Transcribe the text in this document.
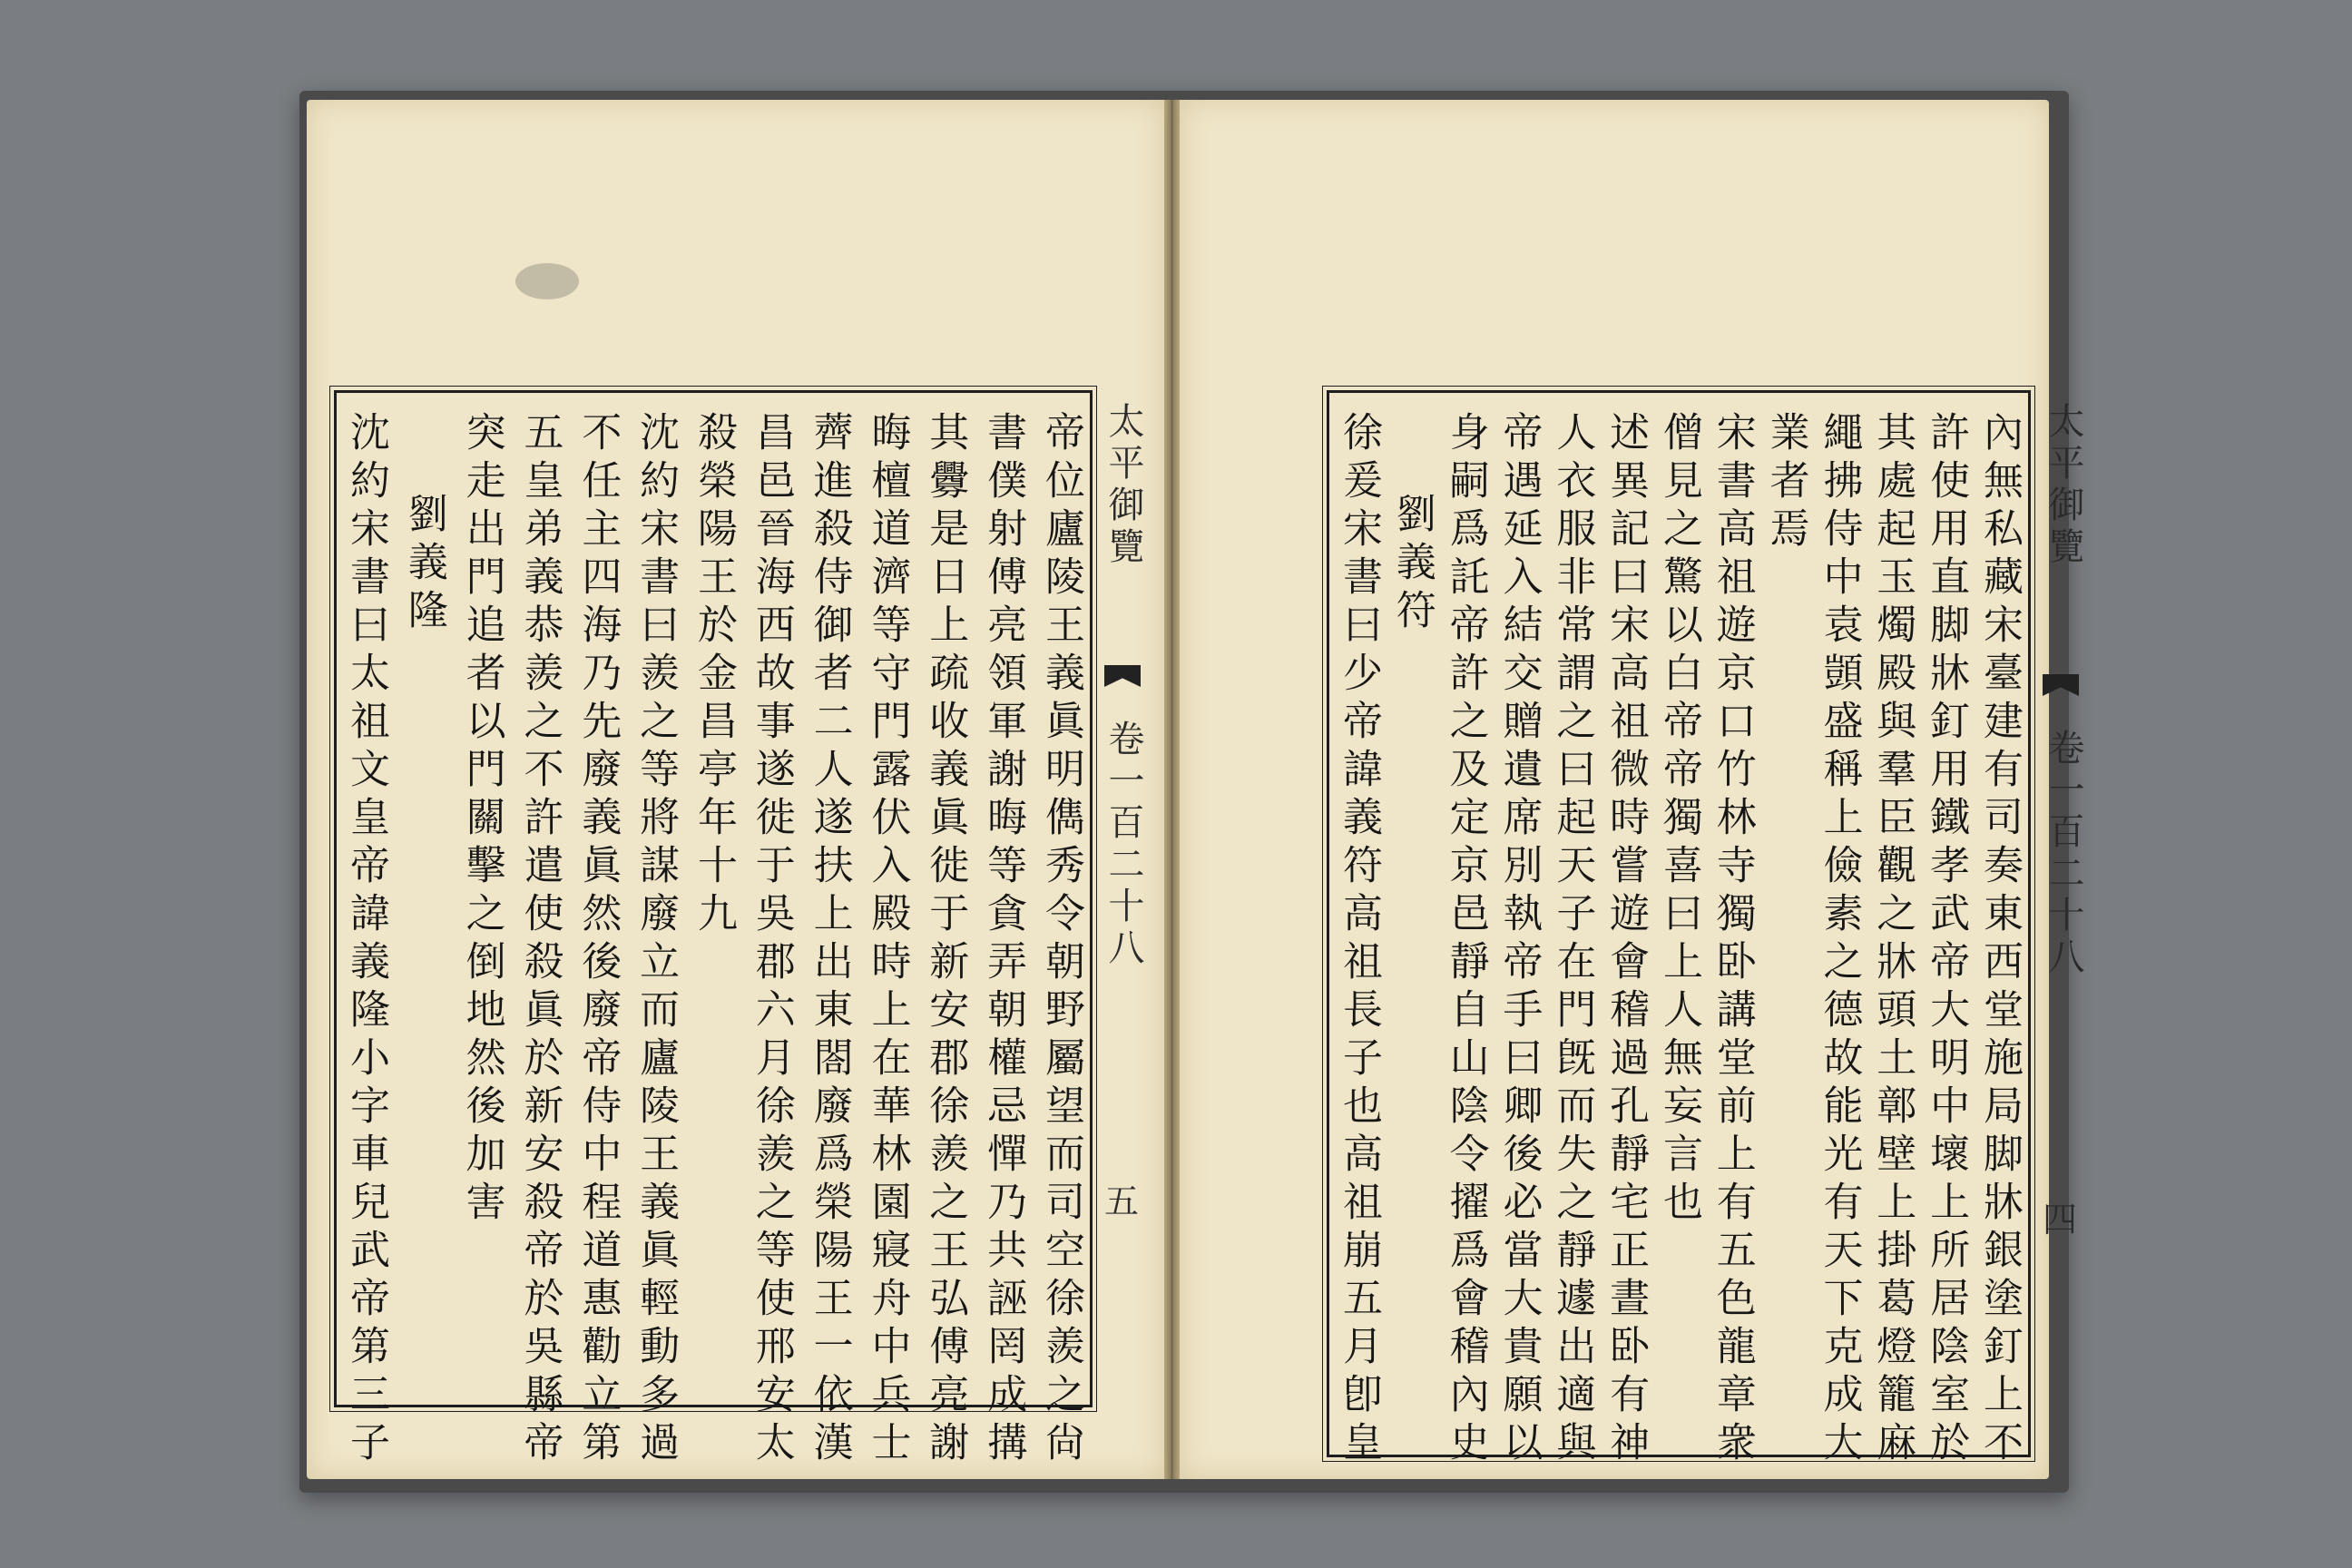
太平御覽
卷一百二十八
五
帝位廬陵王義眞明儁秀令朝野屬望而司空徐羨之尙
書僕射傅亮領軍謝晦等貪弄朝權忌憚乃共誣罔成搆
其釁是日上疏收義眞徙于新安郡徐羨之王弘傅亮謝
晦檀道濟等守門露伏入殿時上在華林園寢舟中兵士
薺進殺侍御者二人遂扶上出東閤廢爲榮陽王一依漢
昌邑晉海西故事遂徙于吳郡六月徐羨之等使邢安太
殺榮陽王於金昌亭年十九
沈約宋書曰羨之等將謀廢立而廬陵王義眞輕動多過
不任主四海乃先廢義眞然後廢帝侍中程道惠勸立第
五皇弟義恭羨之不許遣使殺眞於新安殺帝於吳縣帝
突走出門追者以門關擊之倒地然後加害
劉義隆
沈約宋書曰太祖文皇帝諱義隆小字車兒武帝第三子	太平御覽
卷一百二十八
四
內無私藏宋臺建有司奏東西堂施局脚牀銀塗釘上不
許使用直脚牀釘用鐵孝武帝大明中壞上所居陰室於
其處起玉燭殿與羣臣觀之牀頭土鄣壁上掛葛燈籠麻
繩拂侍中袁顗盛稱上儉素之德故能光有天下克成大
業者焉
宋書高祖遊京口竹林寺獨卧講堂前上有五色龍章衆
僧見之驚以白帝帝獨喜曰上人無妄言也
述異記曰宋高祖微時嘗遊會稽過孔靜宅正晝卧有神
人衣服非常謂之曰起天子在門旣而失之靜遽出適與
帝遇延入結交贈遺席別執帝手曰卿後必當大貴願以
身嗣爲託帝許之及定京邑靜自山陰令擢爲會稽內史
劉義符
徐爰宋書曰少帝諱義符高祖長子也高祖崩五月卽皇
